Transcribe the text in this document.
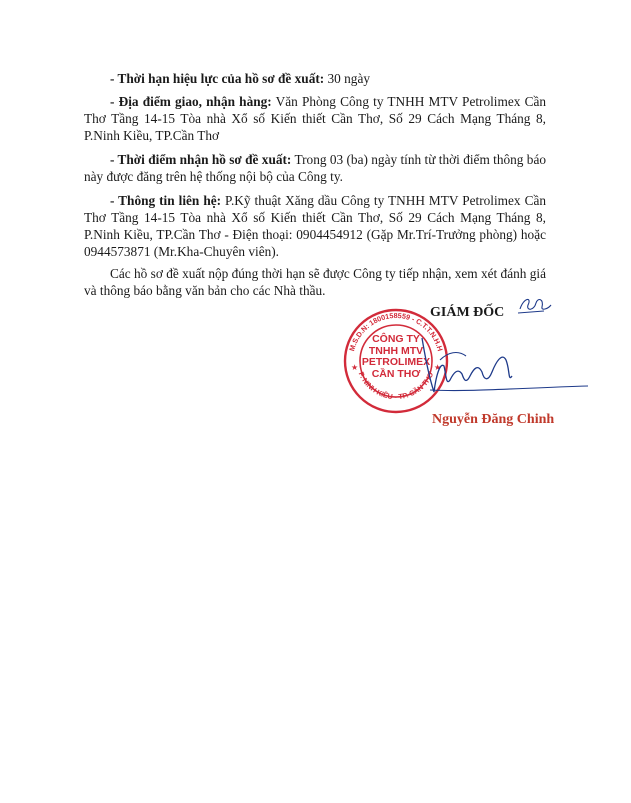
- Thời hạn hiệu lực của hồ sơ đề xuất: 30 ngày
- Địa điểm giao, nhận hàng: Văn Phòng Công ty TNHH MTV Petrolimex Cần Thơ Tầng 14-15 Tòa nhà Xổ số Kiến thiết Cần Thơ, Số 29 Cách Mạng Tháng 8, P.Ninh Kiều, TP.Cần Thơ
- Thời điểm nhận hồ sơ đề xuất: Trong 03 (ba) ngày tính từ thời điểm thông báo này được đăng trên hệ thống nội bộ của Công ty.
- Thông tin liên hệ: P.Kỹ thuật Xăng dầu Công ty TNHH MTV Petrolimex Cần Thơ Tầng 14-15 Tòa nhà Xổ số Kiến thiết Cần Thơ, Số 29 Cách Mạng Tháng 8, P.Ninh Kiều, TP.Cần Thơ - Điện thoại: 0904454912 (Gặp Mr.Trí-Trưởng phòng) hoặc 0944573871 (Mr.Kha-Chuyên viên).
Các hồ sơ đề xuất nộp đúng thời hạn sẽ được Công ty tiếp nhận, xem xét đánh giá và thông báo bằng văn bản cho các Nhà thầu.
GIÁM ĐỐC
M.S.D.N: 1800158559 - C.T.T.N.H.H
P. NINH KIỀU - TP. CẦN THƠ
★	★
CÔNG TY
TNHH MTV
PETROLIMEX
CẦN THƠ
Nguyễn Đăng Chinh
